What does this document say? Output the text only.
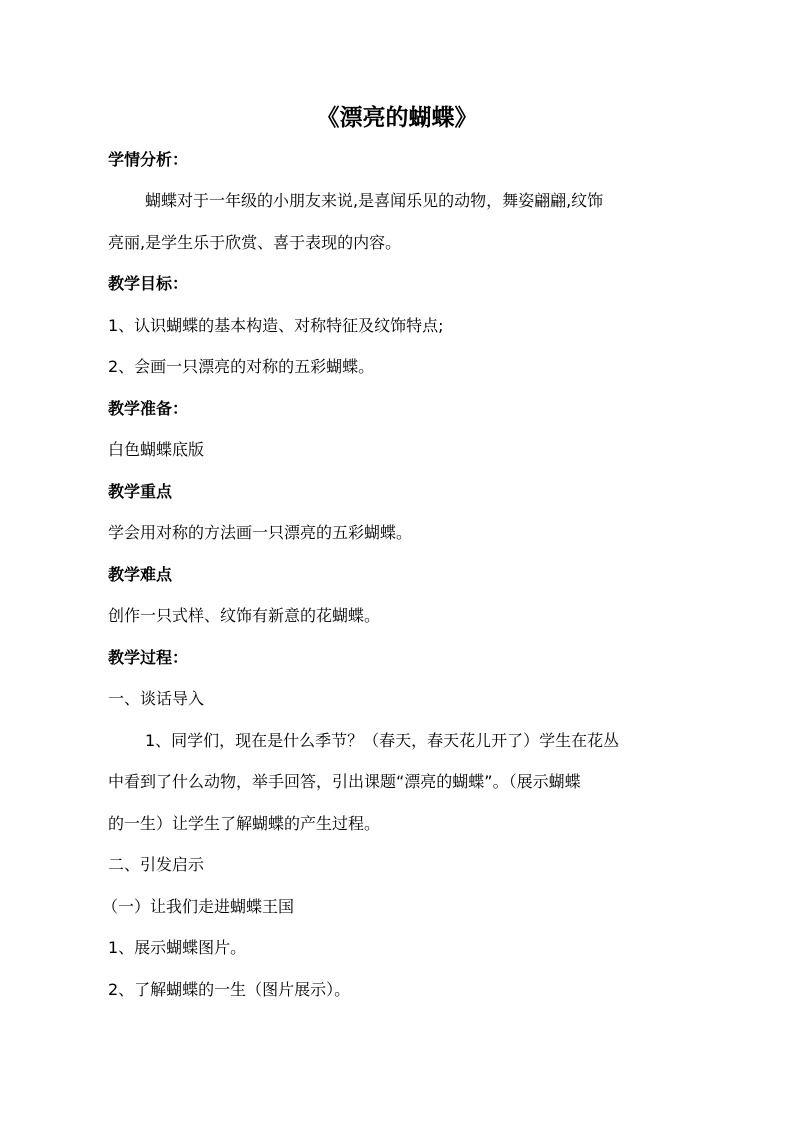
《漂亮的蝴蝶》
学情分析：
蝴蝶对于一年级的小朋友来说,是喜闻乐见的动物，舞姿翩翩,纹饰
亮丽,是学生乐于欣赏、喜于表现的内容。
教学目标：
1、认识蝴蝶的基本构造、对称特征及纹饰特点;
2、会画一只漂亮的对称的五彩蝴蝶。
教学准备：
白色蝴蝶底版
教学重点
学会用对称的方法画一只漂亮的五彩蝴蝶。
教学难点
创作一只式样、纹饰有新意的花蝴蝶。
教学过程：
一、谈话导入
1、同学们，现在是什么季节？（春天，春天花儿开了）学生在花丛
中看到了什么动物，举手回答，引出课题“漂亮的蝴蝶”。（展示蝴蝶
的一生）让学生了解蝴蝶的产生过程。
二、引发启示
（一）让我们走进蝴蝶王国
1、展示蝴蝶图片。
2、了解蝴蝶的一生（图片展示）。
